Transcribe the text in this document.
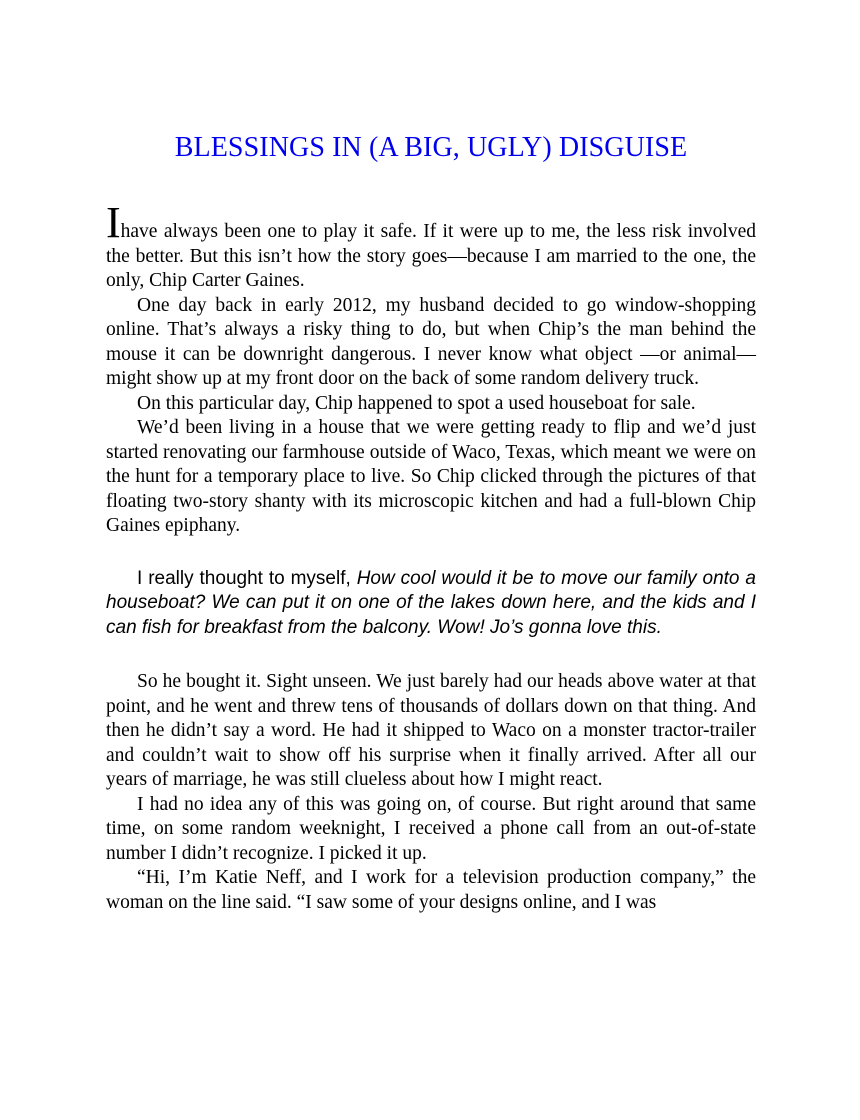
BLESSINGS IN (A BIG, UGLY) DISGUISE

Ihave always been one to play it safe. If it were up to me, the less risk involved the better. But this isn’t how the story goes—because I am married to the one, the only, Chip Carter Gaines.

One day back in early 2012, my husband decided to go window-shopping online. That’s always a risky thing to do, but when Chip’s the man behind the mouse it can be downright dangerous. I never know what object —or animal—might show up at my front door on the back of some random delivery truck.

On this particular day, Chip happened to spot a used houseboat for sale.

We’d been living in a house that we were getting ready to flip and we’d just started renovating our farmhouse outside of Waco, Texas, which meant we were on the hunt for a temporary place to live. So Chip clicked through the pictures of that floating two-story shanty with its microscopic kitchen and had a full-blown Chip Gaines epiphany.

I really thought to myself, How cool would it be to move our family onto a houseboat? We can put it on one of the lakes down here, and the kids and I can fish for breakfast from the balcony. Wow! Jo’s gonna love this.

So he bought it. Sight unseen. We just barely had our heads above water at that point, and he went and threw tens of thousands of dollars down on that thing. And then he didn’t say a word. He had it shipped to Waco on a monster tractor-trailer and couldn’t wait to show off his surprise when it finally arrived. After all our years of marriage, he was still clueless about how I might react.

I had no idea any of this was going on, of course. But right around that same time, on some random weeknight, I received a phone call from an out-of-state number I didn’t recognize. I picked it up.

“Hi, I’m Katie Neff, and I work for a television production company,” the woman on the line said. “I saw some of your designs online, and I was
